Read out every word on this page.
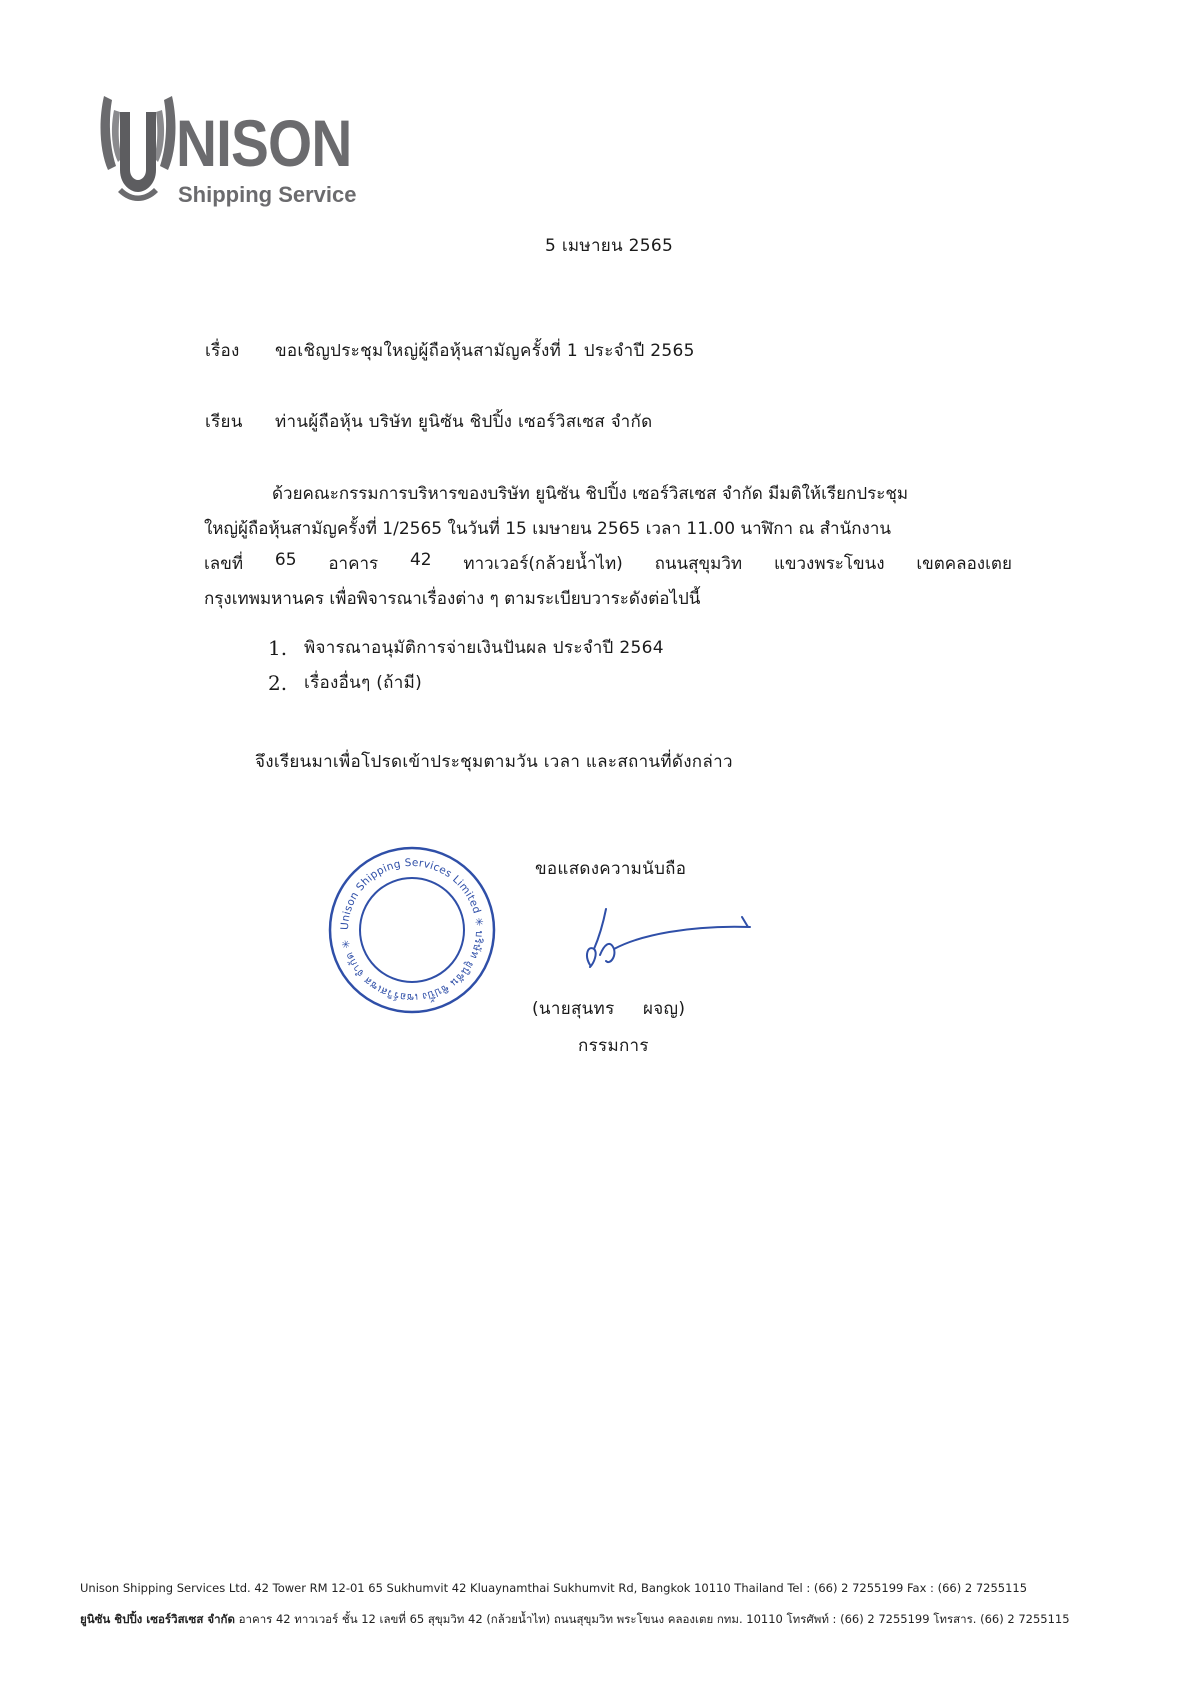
NISON
Shipping Service
5 เมษายน 2565
เรื่อง ขอเชิญประชุมใหญ่ผู้ถือหุ้นสามัญครั้งที่ 1 ประจำปี 2565
เรียน ท่านผู้ถือหุ้น บริษัท ยูนิซัน ชิปปิ้ง เซอร์วิสเซส จำกัด
ด้วยคณะกรรมการบริหารของบริษัท ยูนิซัน ชิปปิ้ง เซอร์วิสเซส จำกัด มีมติให้เรียกประชุม
ใหญ่ผู้ถือหุ้นสามัญครั้งที่ 1/2565 ในวันที่ 15 เมษายน 2565 เวลา 11.00 นาฬิกา ณ สำนักงาน
เลขที่ 65 อาคาร 42 ทาวเวอร์(กล้วยน้ำไท) ถนนสุขุมวิท แขวงพระโขนง เขตคลองเตย
กรุงเทพมหานคร เพื่อพิจารณาเรื่องต่าง ๆ ตามระเบียบวาระดังต่อไปนี้
1. พิจารณาอนุมัติการจ่ายเงินปันผล ประจำปี 2564
2. เรื่องอื่นๆ (ถ้ามี)
จึงเรียนมาเพื่อโปรดเข้าประชุมตามวัน เวลา และสถานที่ดังกล่าว
Unison Shipping Services Limited ✳ บริษัท ยูนิซัน ชิปปิ้ง เซอร์วิสเซส จำกัด ✳
ขอแสดงความนับถือ
(นายสุนทร     ผจญ)
กรรมการ
Unison Shipping Services Ltd. 42 Tower RM 12-01 65 Sukhumvit 42 Kluaynamthai Sukhumvit Rd, Bangkok 10110 Thailand Tel : (66) 2 7255199 Fax : (66) 2 7255115
ยูนิซัน ชิปปิ้ง เซอร์วิสเซส จำกัด อาคาร 42 ทาวเวอร์ ชั้น 12 เลขที่ 65 สุขุมวิท 42 (กล้วยน้ำไท) ถนนสุขุมวิท พระโขนง คลองเตย กทม. 10110 โทรศัพท์ : (66) 2 7255199 โทรสาร. (66) 2 7255115
